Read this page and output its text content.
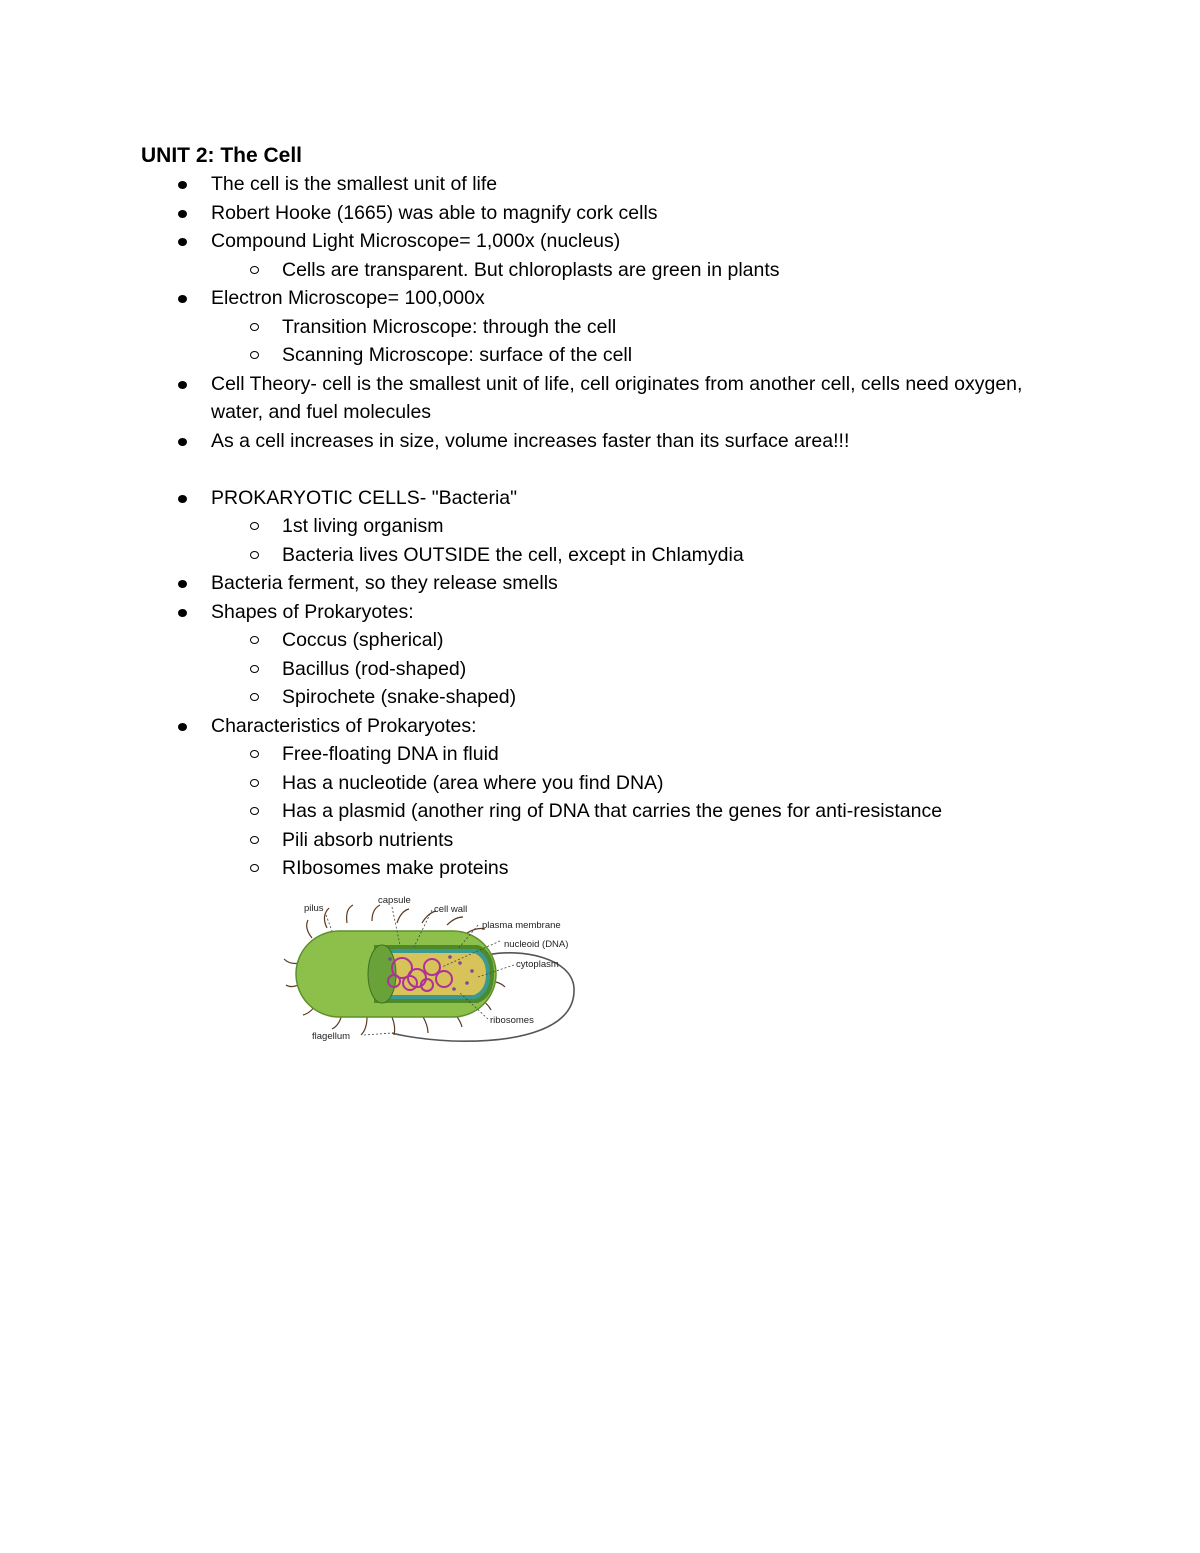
UNIT 2: The Cell
The cell is the smallest unit of life
Robert Hooke (1665) was able to magnify cork cells
Compound Light Microscope= 1,000x (nucleus)
Cells are transparent. But chloroplasts are green in plants
Electron Microscope= 100,000x
Transition Microscope: through the cell
Scanning Microscope: surface of the cell
Cell Theory- cell is the smallest unit of life, cell originates from another cell, cells need oxygen, water, and fuel molecules
As a cell increases in size, volume increases faster than its surface area!!!
PROKARYOTIC CELLS- "Bacteria"
1st living organism
Bacteria lives OUTSIDE the cell, except in Chlamydia
Bacteria ferment, so they release smells
Shapes of Prokaryotes:
Coccus (spherical)
Bacillus (rod-shaped)
Spirochete (snake-shaped)
Characteristics of Prokaryotes:
Free-floating DNA in fluid
Has a nucleotide (area where you find DNA)
Has a plasmid (another ring of DNA that carries the genes for anti-resistance
Pili absorb nutrients
RIbosomes make proteins
pilus
capsule
cell wall
plasma membrane
nucleoid (DNA)
cytoplasm
ribosomes
flagellum
